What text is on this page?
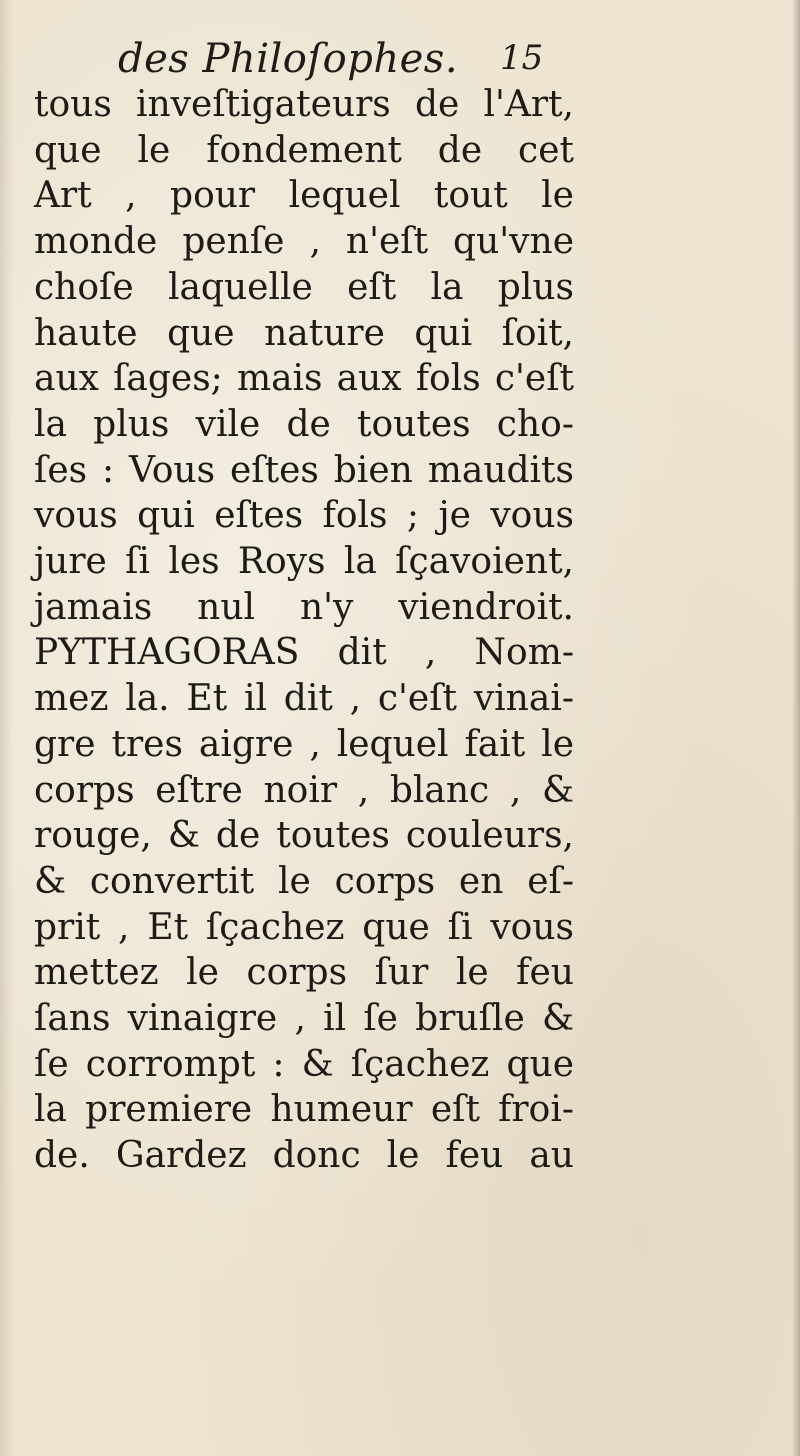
des Philoſophes. 15
tous inveſtigateurs de l'Art,
que le fondement de cet
Art , pour lequel tout le
monde penſe , n'eſt qu'vne
choſe laquelle eſt la plus
haute que nature qui ſoit,
aux ſages; mais aux fols c'eſt
la plus vile de toutes cho-
ſes : Vous eſtes bien maudits
vous qui eſtes fols ; je vous
jure ſi les Roys la ſçavoient,
jamais nul n'y viendroit.
PYTHAGORAS dit , Nom-
mez la. Et il dit , c'eſt vinai-
gre tres aigre , lequel fait le
corps eſtre noir , blanc , &
rouge, & de toutes couleurs,
& convertit le corps en eſ-
prit , Et ſçachez que ſi vous
mettez le corps ſur le feu
ſans vinaigre , il ſe bruſle &
ſe corrompt : & ſçachez que
la premiere humeur eſt froi-
de. Gardez donc le feu au
